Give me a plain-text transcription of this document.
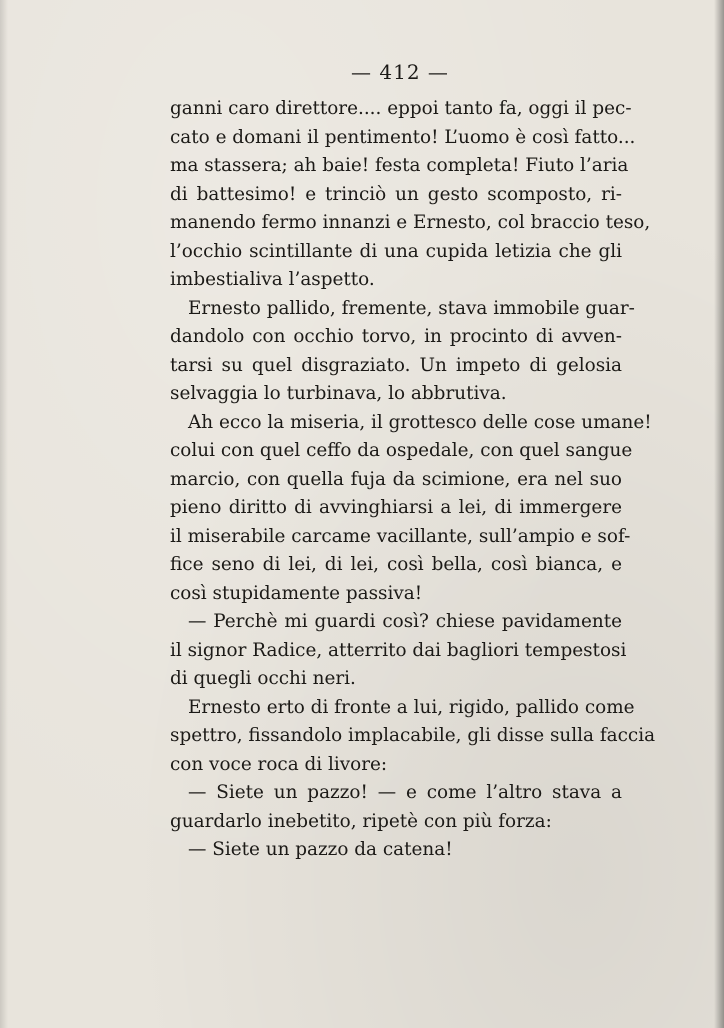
— 412 —
ganni caro direttore.... eppoi tanto fa, oggi il pec-
cato e domani il pentimento! L’uomo è così fatto...
ma stassera; ah baie! festa completa! Fiuto l’aria
di battesimo! e trinciò un gesto scomposto, ri-
manendo fermo innanzi e Ernesto, col braccio teso,
l’occhio scintillante di una cupida letizia che gli
imbestialiva l’aspetto.
Ernesto pallido, fremente, stava immobile guar-
dandolo con occhio torvo, in procinto di avven-
tarsi su quel disgraziato. Un impeto di gelosia
selvaggia lo turbinava, lo abbrutiva.
Ah ecco la miseria, il grottesco delle cose umane!
colui con quel ceffo da ospedale, con quel sangue
marcio, con quella fuja da scimione, era nel suo
pieno diritto di avvinghiarsi a lei, di immergere
il miserabile carcame vacillante, sull’ampio e sof-
fice seno di lei, di lei, così bella, così bianca, e
così stupidamente passiva!
— Perchè mi guardi così? chiese pavidamente
il signor Radice, atterrito dai bagliori tempestosi
di quegli occhi neri.
Ernesto erto di fronte a lui, rigido, pallido come
spettro, fissandolo implacabile, gli disse sulla faccia
con voce roca di livore:
— Siete un pazzo! — e come l’altro stava a
guardarlo inebetito, ripetè con più forza:
— Siete un pazzo da catena!
